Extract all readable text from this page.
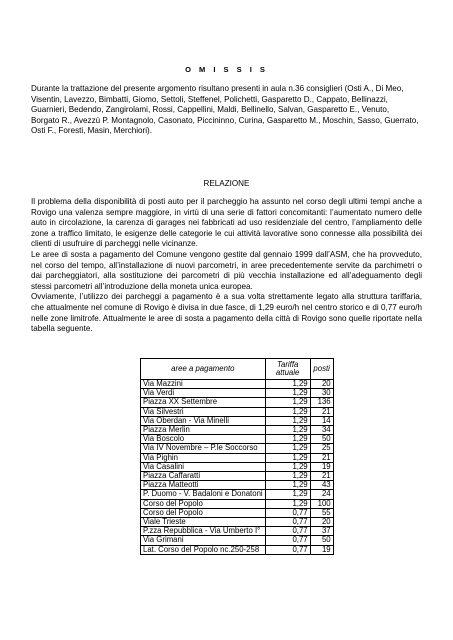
O M I S S I S

Durante la trattazione del presente argomento risultano presenti in aula n.36 consiglieri (Osti A., Di Meo, Visentin, Lavezzo, Bimbatti, Giomo, Settoli, Steffenel, Polichetti, Gasparetto D., Cappato, Bellinazzi, Guarnieri, Bedendo, Zangirolami, Rossi, Cappellini, Maldi, Bellinello, Salvan, Gasparetto E., Venuto, Borgato R., Avezzù P. Montagnolo, Casonato, Piccininno, Curina, Gasparetto M., Moschin, Sasso, Guerrato, Osti F., Foresti, Masin, Merchiori).

RELAZIONE

Il problema della disponibilità di posti auto per il parcheggio ha assunto nel corso degli ultimi tempi anche a Rovigo una valenza sempre maggiore, in virtù di una serie di fattori concomitanti: l’aumentato numero delle auto in circolazione, la carenza di garages nei fabbricati ad uso residenziale del centro, l’ampliamento delle zone a traffico limitato, le esigenze delle categorie le cui attività lavorative sono connesse alla possibilità dei clienti di usufruire di parcheggi nelle vicinanze.

Le aree di sosta a pagamento del Comune vengono gestite dal gennaio 1999 dall’ASM, che ha provveduto, nel corso del tempo, all’installazione di nuovi parcometri, in aree precedentemente servite da parchimetri o dai parcheggiatori, alla sostituzione dei parcometri di più vecchia installazione ed all’adeguamento degli stessi parcometri all’introduzione della moneta unica europea.

Ovviamente, l’utilizzo dei parcheggi a pagamento è a sua volta strettamente legato alla struttura tariffaria, che attualmente nel comune di Rovigo è divisa in due fasce, di 1,29 euro/h nel centro storico e di 0,77 euro/h nelle zone limitrofe. Attualmente le aree di sosta a pagamento della città di Rovigo sono quelle riportate nella tabella seguente.

aree a pagamento	Tariffa attuale	posti
Via Mazzini	1,29	20
Via Verdi	1,29	30
Piazza XX Settembre	1,29	136
Via Silvestri	1,29	21
Via Oberdan - Via Minelli	1,29	14
Piazza Merlin	1,29	34
Via Boscolo	1,29	50
Via IV Novembre – P.le Soccorso	1,29	25
Via Pighin	1,29	21
Via Casalini	1,29	19
Piazza Caffaratti	1,29	21
Piazza Matteotti	1,29	43
P. Duomo - V. Badaloni e Donatoni	1,29	24
Corso del Popolo	1,29	100
Corso del Popolo	0,77	55
Viale Trieste	0,77	20
P.zza Repubblica - Via Umberto I°	0,77	37
Via Grimani	0,77	50
Lat. Corso del Popolo nc.250-258	0,77	19
